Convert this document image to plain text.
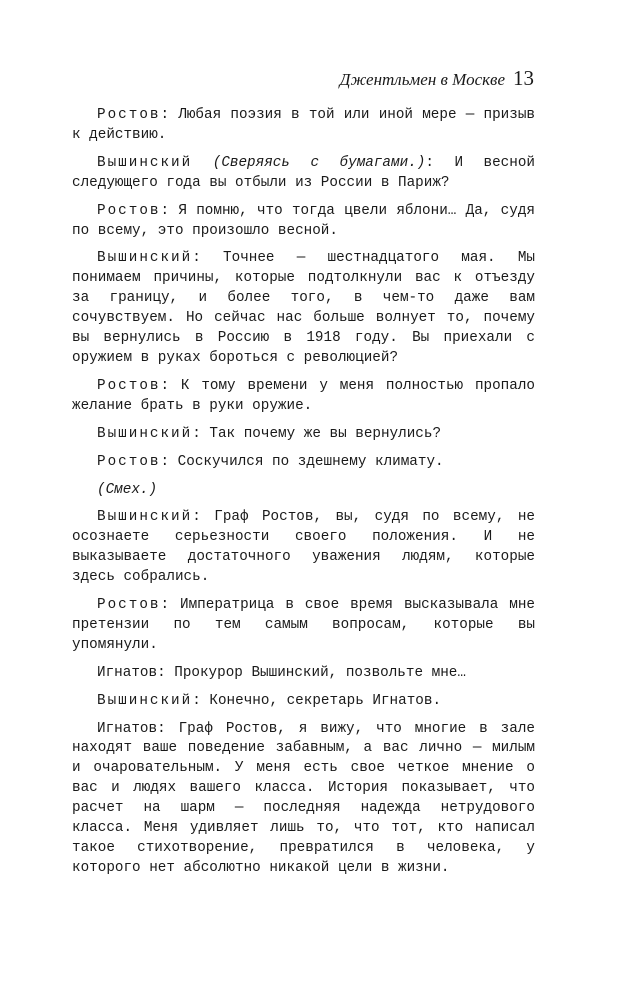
Джентльмен в Москве 13

Ростов: Любая поэзия в той или иной мере — призыв к действию.

Вышинский (Сверяясь с бумагами.): И весной следующего года вы отбыли из России в Париж?

Ростов: Я помню, что тогда цвели яблони… Да, судя по всему, это произошло весной.

Вышинский: Точнее — шестнадцатого мая. Мы понимаем причины, которые подтолкнули вас к отъезду за границу, и более того, в чем-то даже вам сочувствуем. Но сейчас нас больше волнует то, почему вы вернулись в Россию в 1918 году. Вы приехали с оружием в руках бороться с революцией?

Ростов: К тому времени у меня полностью пропало желание брать в руки оружие.

Вышинский: Так почему же вы вернулись?

Ростов: Соскучился по здешнему климату.

(Смех.)

Вышинский: Граф Ростов, вы, судя по всему, не осознаете серьезности своего положения. И не выказываете достаточного уважения людям, которые здесь собрались.

Ростов: Императрица в свое время высказывала мне претензии по тем самым вопросам, которые вы упомянули.

Игнатов: Прокурор Вышинский, позвольте мне…

Вышинский: Конечно, секретарь Игнатов.

Игнатов: Граф Ростов, я вижу, что многие в зале находят ваше поведение забавным, а вас лично — милым и очаровательным. У меня есть свое четкое мнение о вас и людях вашего класса. История показывает, что расчет на шарм — последняя надежда нетрудового класса. Меня удивляет лишь то, что тот, кто написал такое стихотворение, превратился в человека, у которого нет абсолютно никакой цели в жизни.
